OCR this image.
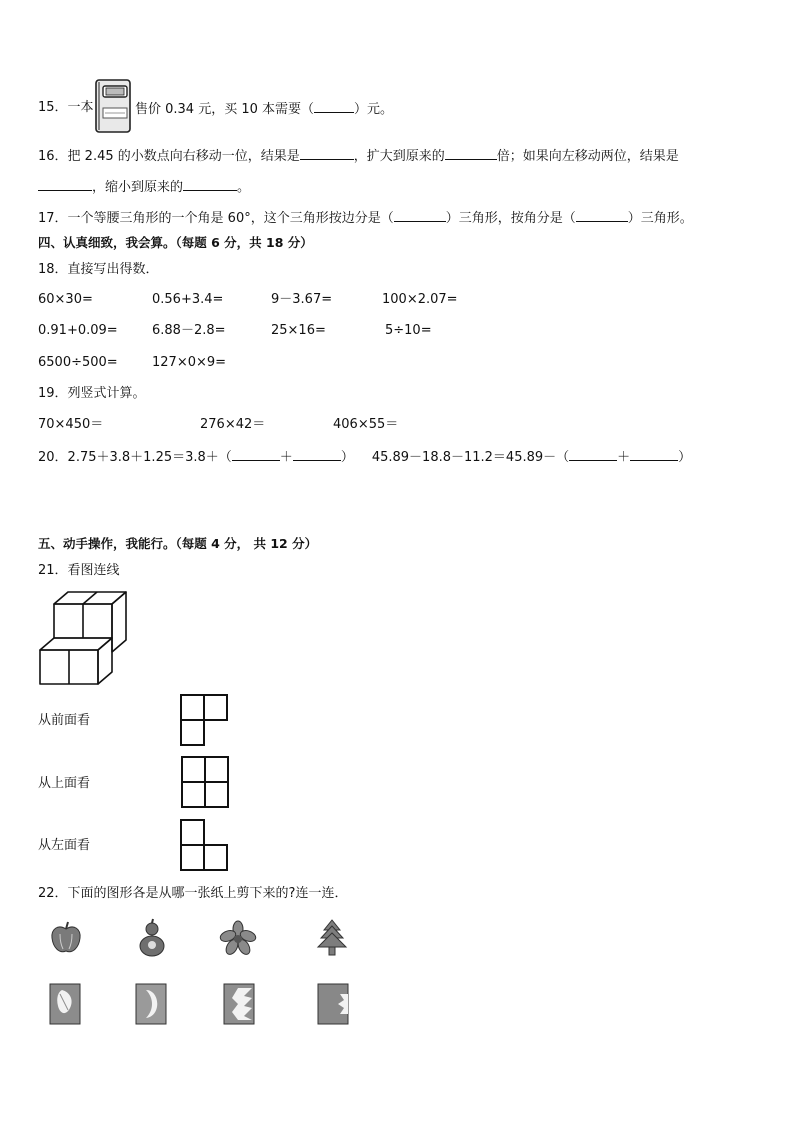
15．一本	售价 0.34 元，买 10 本需要（	）元。
16．把 2.45 的小数点向右移动一位，结果是	，扩大到原来的	倍；如果向左移动两位，结果是
，缩小到原来的	。
17．一个等腰三角形的一个角是 60°，这个三角形按边分是（	）三角形，按角分是（	）三角形。
四、认真细致，我会算。（每题 6 分，共 18 分）
18．直接写出得数．
60×30=	0.56+3.4=	9－3.67=	100×2.07=
0.91+0.09=	6.88－2.8=	25×16=	5÷10=
6500÷500=	127×0×9=
19．列竖式计算。
70×450＝	276×42＝	406×55＝
20．2.75＋3.8＋1.25＝3.8＋（	＋	） 45.89－18.8－11.2＝45.89－（	＋	）
五、动手操作，我能行。（每题 4 分， 共 12 分）
21．看图连线
从前面看
从上面看
从左面看
22．下面的图形各是从哪一张纸上剪下来的?连一连．
